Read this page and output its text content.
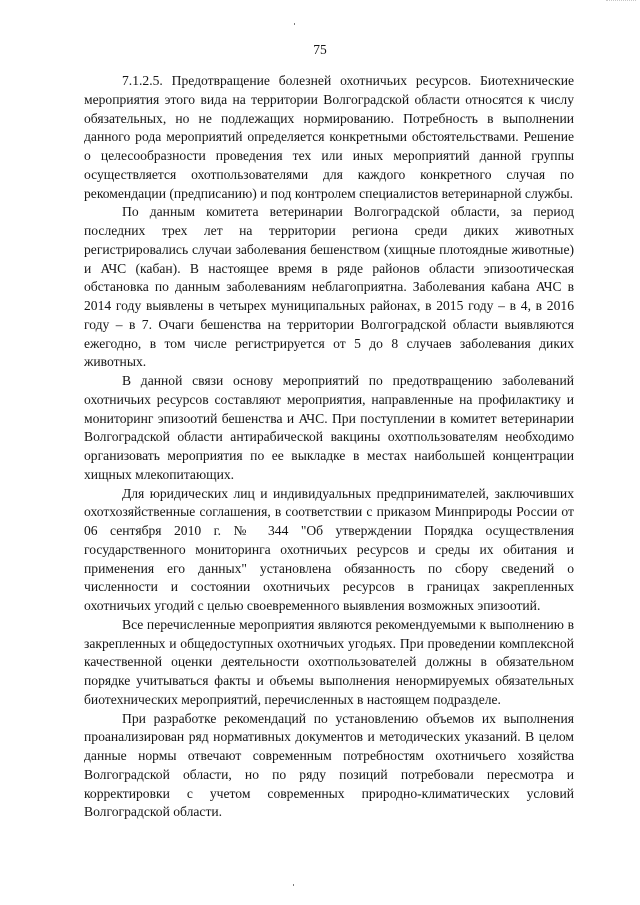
75

7.1.2.5. Предотвращение болезней охотничьих ресурсов. Биотехнические мероприятия этого вида на территории Волгоградской области относятся к числу обязательных, но не подлежащих нормированию. Потребность в выполнении данного рода мероприятий определяется конкретными обстоятельствами. Решение о целесообразности проведения тех или иных мероприятий данной группы осуществляется охотпользователями для каждого конкретного случая по рекомендации (предписанию) и под контролем специалистов ветеринарной службы.

По данным комитета ветеринарии Волгоградской области, за период последних трех лет на территории региона среди диких животных регистрировались случаи заболевания бешенством (хищные плотоядные животные) и АЧС (кабан). В настоящее время в ряде районов области эпизоотическая обстановка по данным заболеваниям неблагоприятна. Заболевания кабана АЧС в 2014 году выявлены в четырех муниципальных районах, в 2015 году – в 4, в 2016 году – в 7. Очаги бешенства на территории Волгоградской области выявляются ежегодно, в том числе регистрируется от 5 до 8 случаев заболевания диких животных.

В данной связи основу мероприятий по предотвращению заболеваний охотничьих ресурсов составляют мероприятия, направленные на профилактику и мониторинг эпизоотий бешенства и АЧС. При поступлении в комитет ветеринарии Волгоградской области антирабической вакцины охотпользователям необходимо организовать мероприятия по ее выкладке в местах наибольшей концентрации хищных млекопитающих.

Для юридических лиц и индивидуальных предпринимателей, заключивших охотхозяйственные соглашения, в соответствии с приказом Минприроды России от 06 сентября 2010 г. № 344 "Об утверждении Порядка осуществления государственного мониторинга охотничьих ресурсов и среды их обитания и применения его данных" установлена обязанность по сбору сведений о численности и состоянии охотничьих ресурсов в границах закрепленных охотничьих угодий с целью своевременного выявления возможных эпизоотий.

Все перечисленные мероприятия являются рекомендуемыми к выполнению в закрепленных и общедоступных охотничьих угодьях. При проведении комплексной качественной оценки деятельности охотпользователей должны в обязательном порядке учитываться факты и объемы выполнения ненормируемых обязательных биотехнических мероприятий, перечисленных в настоящем подразделе.

При разработке рекомендаций по установлению объемов их выполнения проанализирован ряд нормативных документов и методических указаний. В целом данные нормы отвечают современным потребностям охотничьего хозяйства Волгоградской области, но по ряду позиций потребовали пересмотра и корректировки с учетом современных природно-климатических условий Волгоградской области.
